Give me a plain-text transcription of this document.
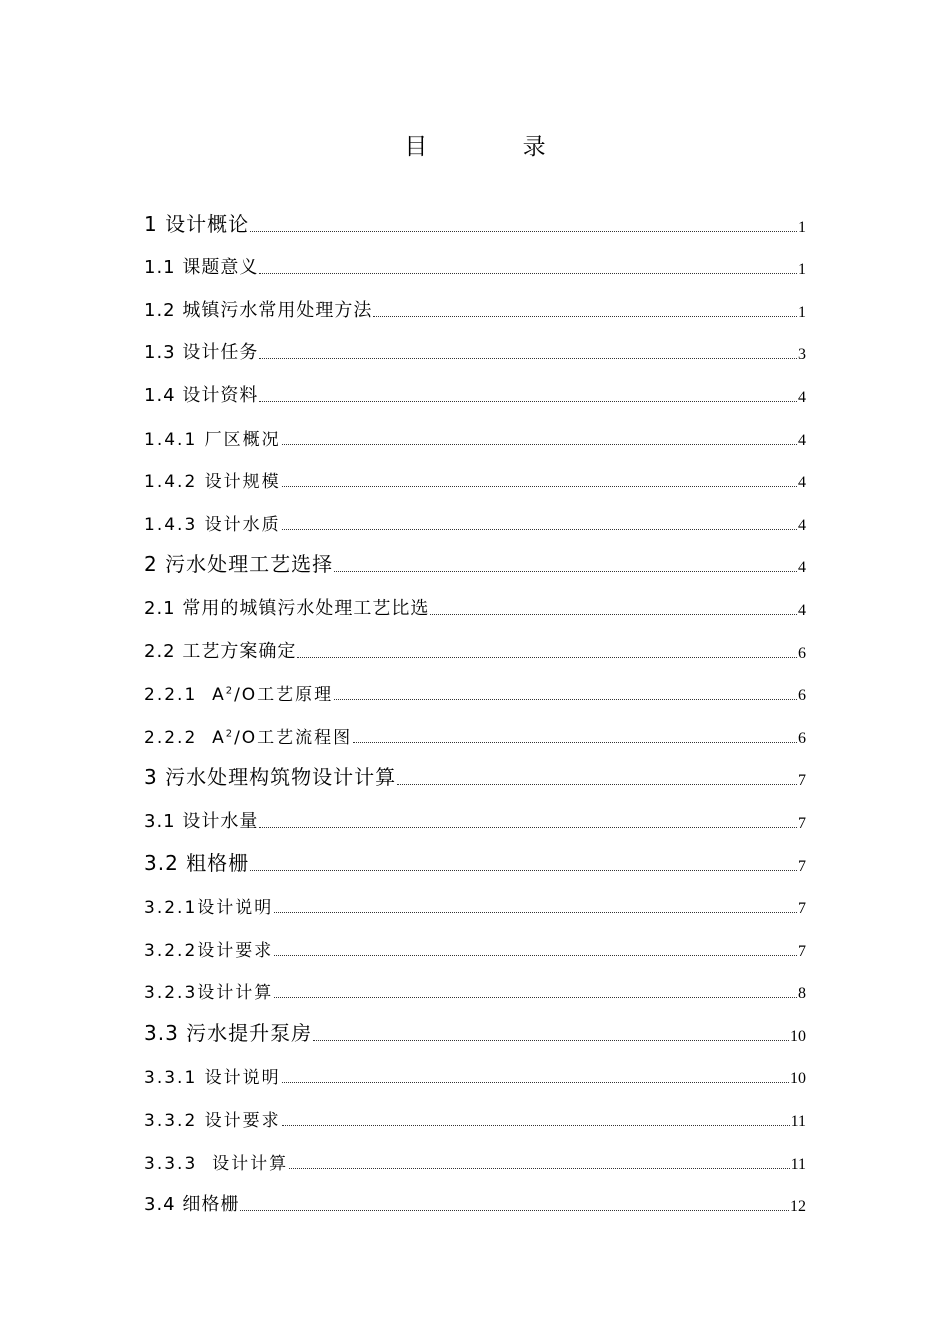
目 录
1 设计概论	1
1.1 课题意义	1
1.2 城镇污水常用处理方法	1
1.3 设计任务	3
1.4 设计资料	4
1.4.1 厂区概况	4
1.4.2 设计规模	4
1.4.3 设计水质	4
2 污水处理工艺选择	4
2.1 常用的城镇污水处理工艺比选	4
2.2 工艺方案确定	6
2.2.1  $A^2/O$工艺原理	6
2.2.2  $A^2/O$工艺流程图	6
3 污水处理构筑物设计计算	7
3.1 设计水量	7
3.2 粗格栅	7
3.2.1设计说明	7
3.2.2设计要求	7
3.2.3设计计算	8
3.3 污水提升泵房	10
3.3.1 设计说明	10
3.3.2 设计要求	11
3.3.3  设计计算	11
3.4 细格栅	12
